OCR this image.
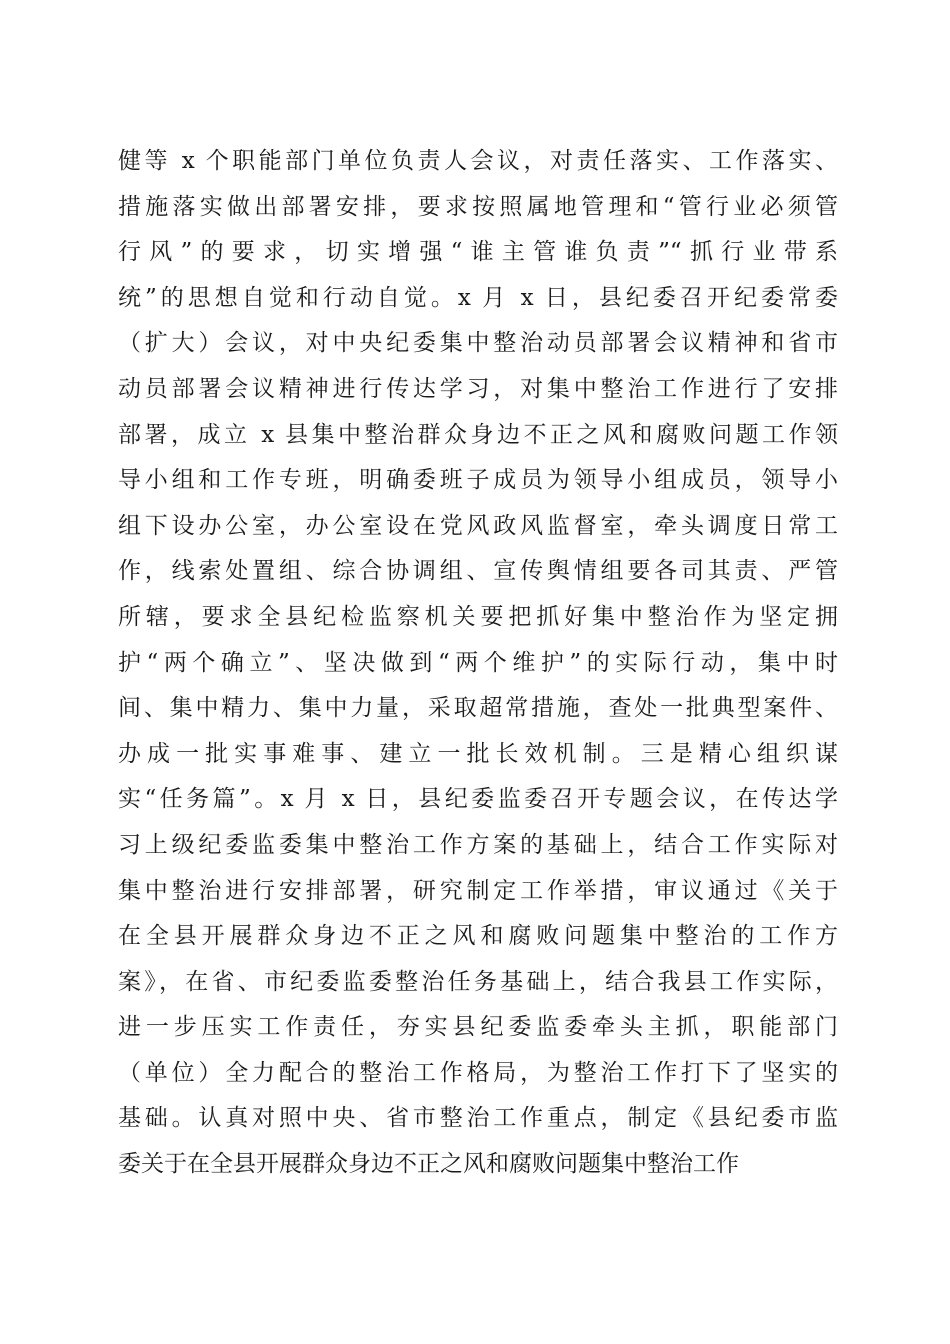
健等 x 个职能部门单位负责人会议，对责任落实、工作落实、
措施落实做出部署安排，要求按照属地管理和“管行业必须管
行风”的要求，切实增强“谁主管谁负责”“抓行业带系
统”的思想自觉和行动自觉。x 月 x 日，县纪委召开纪委常委
（扩大）会议，对中央纪委集中整治动员部署会议精神和省市
动员部署会议精神进行传达学习，对集中整治工作进行了安排
部署，成立 x 县集中整治群众身边不正之风和腐败问题工作领
导小组和工作专班，明确委班子成员为领导小组成员，领导小
组下设办公室，办公室设在党风政风监督室，牵头调度日常工
作，线索处置组、综合协调组、宣传舆情组要各司其责、严管
所辖，要求全县纪检监察机关要把抓好集中整治作为坚定拥
护“两个确立”、坚决做到“两个维护”的实际行动，集中时
间、集中精力、集中力量，采取超常措施，查处一批典型案件、
办成一批实事难事、建立一批长效机制。三是精心组织谋
实“任务篇”。x 月 x 日，县纪委监委召开专题会议，在传达学
习上级纪委监委集中整治工作方案的基础上，结合工作实际对
集中整治进行安排部署，研究制定工作举措，审议通过《关于
在全县开展群众身边不正之风和腐败问题集中整治的工作方
案》，在省、市纪委监委整治任务基础上，结合我县工作实际，
进一步压实工作责任，夯实县纪委监委牵头主抓，职能部门
（单位）全力配合的整治工作格局，为整治工作打下了坚实的
基础。认真对照中央、省市整治工作重点，制定《县纪委市监
委关于在全县开展群众身边不正之风和腐败问题集中整治工作
